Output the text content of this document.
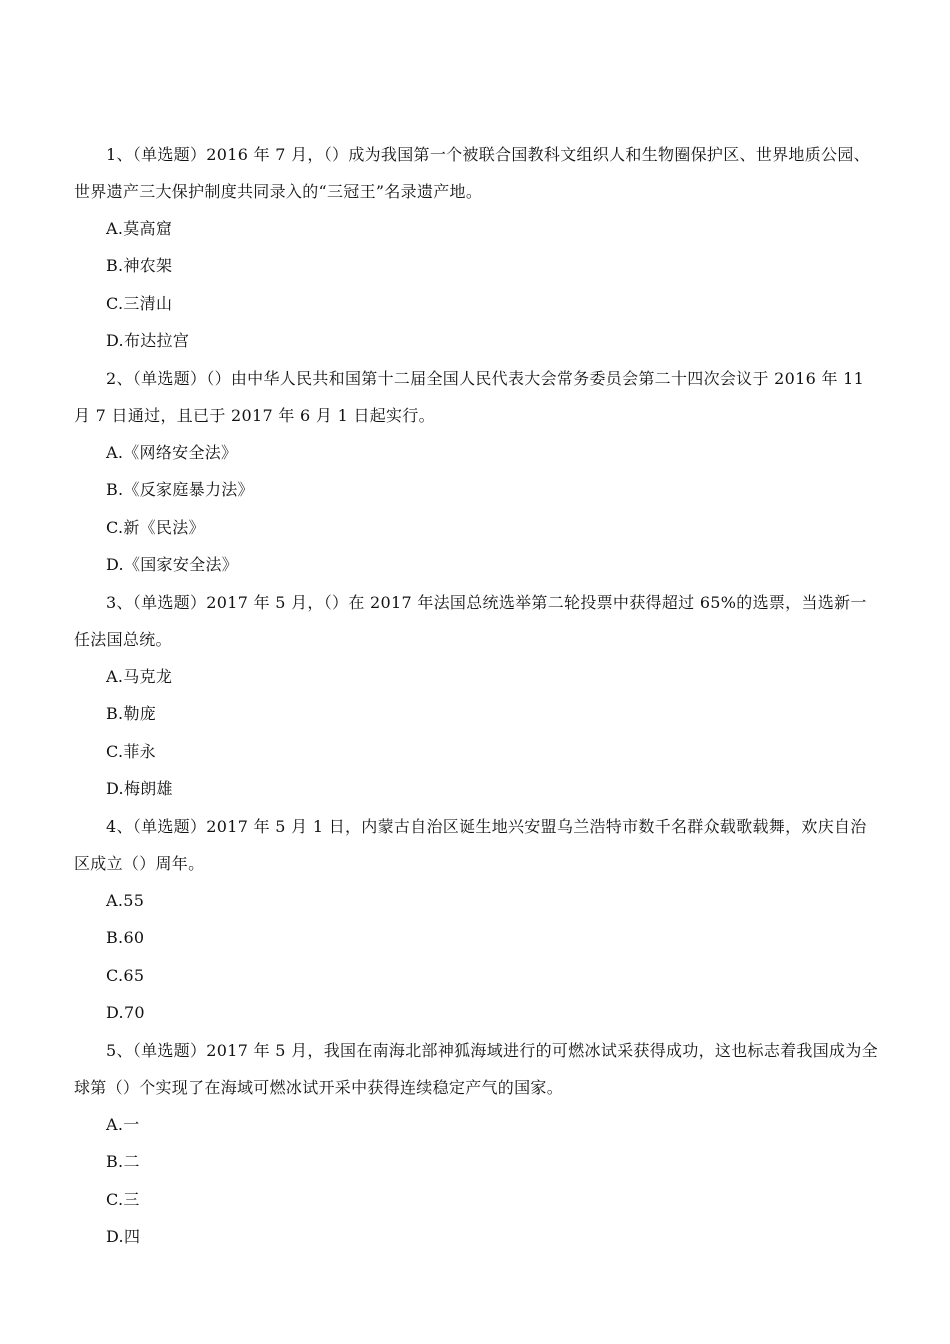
1、（单选题）2016 年 7 月，（）成为我国第一个被联合国教科文组织人和生物圈保护区、世界地质公园、世界遗产三大保护制度共同录入的“三冠王”名录遗产地。

A.莫高窟

B.神农架

C.三清山

D.布达拉宫

2、（单选题）（）由中华人民共和国第十二届全国人民代表大会常务委员会第二十四次会议于 2016 年 11 月 7 日通过，且已于 2017 年 6 月 1 日起实行。

A.《网络安全法》

B.《反家庭暴力法》

C.新《民法》

D.《国家安全法》

3、（单选题）2017 年 5 月，（）在 2017 年法国总统选举第二轮投票中获得超过 65%的选票，当选新一任法国总统。

A.马克龙

B.勒庞

C.菲永

D.梅朗雄

4、（单选题）2017 年 5 月 1 日，内蒙古自治区诞生地兴安盟乌兰浩特市数千名群众载歌载舞，欢庆自治区成立（）周年。

A.55

B.60

C.65

D.70

5、（单选题）2017 年 5 月，我国在南海北部神狐海域进行的可燃冰试采获得成功，这也标志着我国成为全球第（）个实现了在海域可燃冰试开采中获得连续稳定产气的国家。

A.一

B.二

C.三

D.四
